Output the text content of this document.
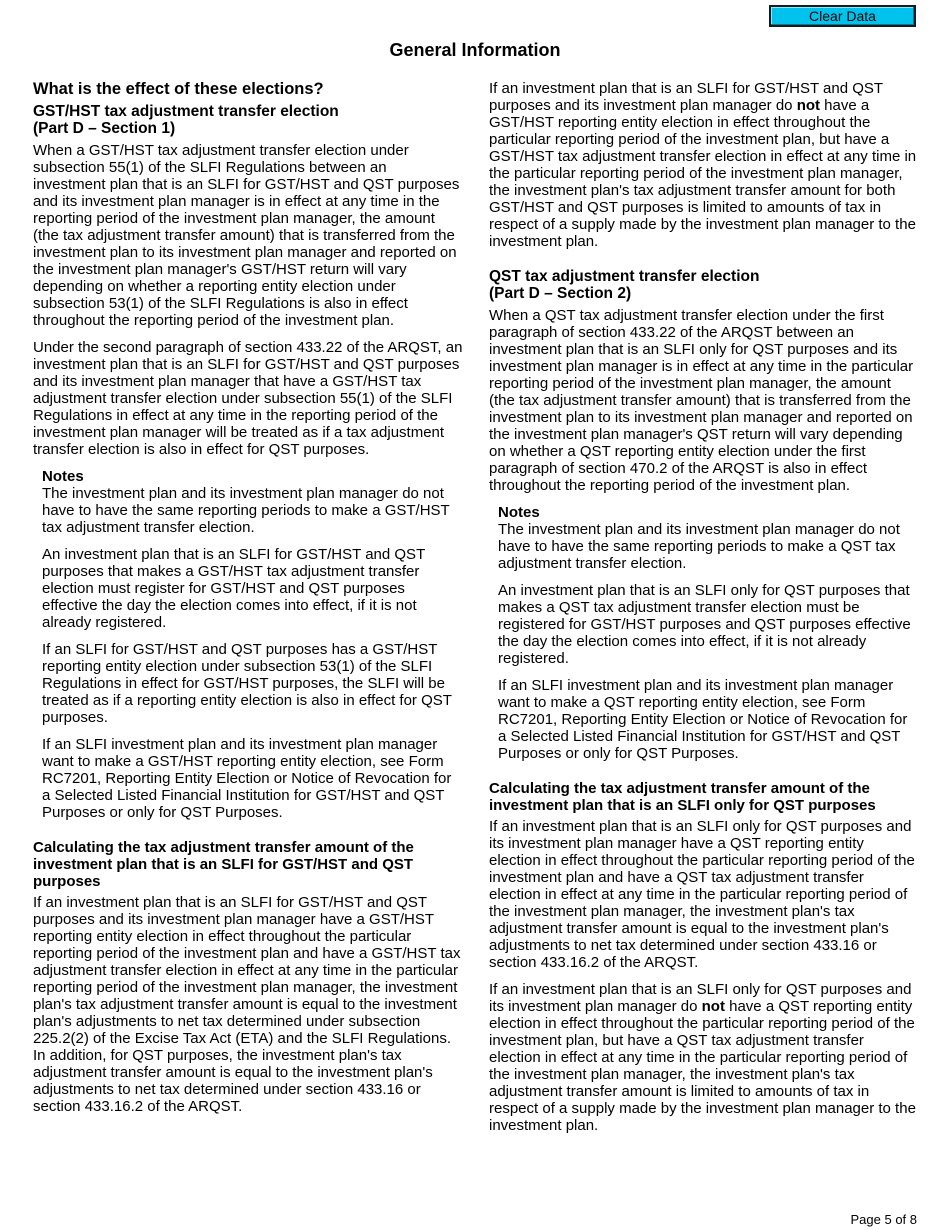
Clear Data
General Information
What is the effect of these elections?
GST/HST tax adjustment transfer election
(Part D – Section 1)

When a GST/HST tax adjustment transfer election under subsection 55(1) of the SLFI Regulations between an investment plan that is an SLFI for GST/HST and QST purposes and its investment plan manager is in effect at any time in the reporting period of the investment plan manager, the amount (the tax adjustment transfer amount) that is transferred from the investment plan to its investment plan manager and reported on the investment plan manager's GST/HST return will vary depending on whether a reporting entity election under subsection 53(1) of the SLFI Regulations is also in effect throughout the reporting period of the investment plan.

Under the second paragraph of section 433.22 of the ARQST, an investment plan that is an SLFI for GST/HST and QST purposes and its investment plan manager that have a GST/HST tax adjustment transfer election under subsection 55(1) of the SLFI Regulations in effect at any time in the reporting period of the investment plan manager will be treated as if a tax adjustment transfer election is also in effect for QST purposes.

Notes

The investment plan and its investment plan manager do not have to have the same reporting periods to make a GST/HST tax adjustment transfer election.

An investment plan that is an SLFI for GST/HST and QST purposes that makes a GST/HST tax adjustment transfer election must register for GST/HST and QST purposes effective the day the election comes into effect, if it is not already registered.

If an SLFI for GST/HST and QST purposes has a GST/HST reporting entity election under subsection 53(1) of the SLFI Regulations in effect for GST/HST purposes, the SLFI will be treated as if a reporting entity election is also in effect for QST purposes.

If an SLFI investment plan and its investment plan manager want to make a GST/HST reporting entity election, see Form RC7201, Reporting Entity Election or Notice of Revocation for a Selected Listed Financial Institution for GST/HST and QST Purposes or only for QST Purposes.

Calculating the tax adjustment transfer amount of the investment plan that is an SLFI for GST/HST and QST purposes

If an investment plan that is an SLFI for GST/HST and QST purposes and its investment plan manager have a GST/HST reporting entity election in effect throughout the particular reporting period of the investment plan and have a GST/HST tax adjustment transfer election in effect at any time in the particular reporting period of the investment plan manager, the investment plan's tax adjustment transfer amount is equal to the investment plan's adjustments to net tax determined under subsection 225.2(2) of the Excise Tax Act (ETA) and the SLFI Regulations. In addition, for QST purposes, the investment plan's tax adjustment transfer amount is equal to the investment plan's adjustments to net tax determined under section 433.16 or section 433.16.2 of the ARQST.

If an investment plan that is an SLFI for GST/HST and QST purposes and its investment plan manager do not have a GST/HST reporting entity election in effect throughout the particular reporting period of the investment plan, but have a GST/HST tax adjustment transfer election in effect at any time in the particular reporting period of the investment plan manager, the investment plan's tax adjustment transfer amount for both GST/HST and QST purposes is limited to amounts of tax in respect of a supply made by the investment plan manager to the investment plan.

QST tax adjustment transfer election
(Part D – Section 2)

When a QST tax adjustment transfer election under the first paragraph of section 433.22 of the ARQST between an investment plan that is an SLFI only for QST purposes and its investment plan manager is in effect at any time in the particular reporting period of the investment plan manager, the amount (the tax adjustment transfer amount) that is transferred from the investment plan to its investment plan manager and reported on the investment plan manager's QST return will vary depending on whether a QST reporting entity election under the first paragraph of section 470.2 of the ARQST is also in effect throughout the reporting period of the investment plan.

Notes

The investment plan and its investment plan manager do not have to have the same reporting periods to make a QST tax adjustment transfer election.

An investment plan that is an SLFI only for QST purposes that makes a QST tax adjustment transfer election must be registered for GST/HST purposes and QST purposes effective the day the election comes into effect, if it is not already registered.

If an SLFI investment plan and its investment plan manager want to make a QST reporting entity election, see Form RC7201, Reporting Entity Election or Notice of Revocation for a Selected Listed Financial Institution for GST/HST and QST Purposes or only for QST Purposes.

Calculating the tax adjustment transfer amount of the investment plan that is an SLFI only for QST purposes

If an investment plan that is an SLFI only for QST purposes and its investment plan manager have a QST reporting entity election in effect throughout the particular reporting period of the investment plan and have a QST tax adjustment transfer election in effect at any time in the particular reporting period of the investment plan manager, the investment plan's tax adjustment transfer amount is equal to the investment plan's adjustments to net tax determined under section 433.16 or section 433.16.2 of the ARQST.

If an investment plan that is an SLFI only for QST purposes and its investment plan manager do not have a QST reporting entity election in effect throughout the particular reporting period of the investment plan, but have a QST tax adjustment transfer election in effect at any time in the particular reporting period of the investment plan manager, the investment plan's tax adjustment transfer amount is limited to amounts of tax in respect of a supply made by the investment plan manager to the investment plan.

Page 5 of 8
